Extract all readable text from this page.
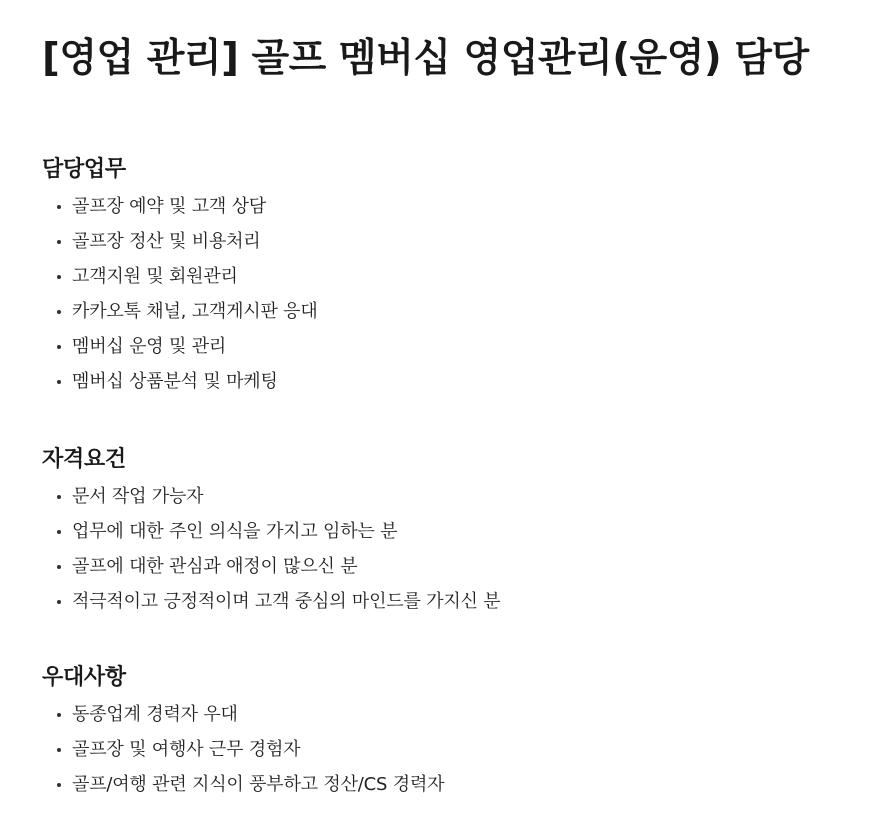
[영업 관리] 골프 멤버십 영업관리(운영) 담당
담당업무
골프장 예약 및 고객 상담
골프장 정산 및 비용처리
고객지원 및 회원관리
카카오톡 채널, 고객게시판 응대
멤버십 운영 및 관리
멤버십 상품분석 및 마케팅
자격요건
문서 작업 가능자
업무에 대한 주인 의식을 가지고 임하는 분
골프에 대한 관심과 애정이 많으신 분
적극적이고 긍정적이며 고객 중심의 마인드를 가지신 분
우대사항
동종업계 경력자 우대
골프장 및 여행사 근무 경험자
골프/여행 관련 지식이 풍부하고 정산/CS 경력자
